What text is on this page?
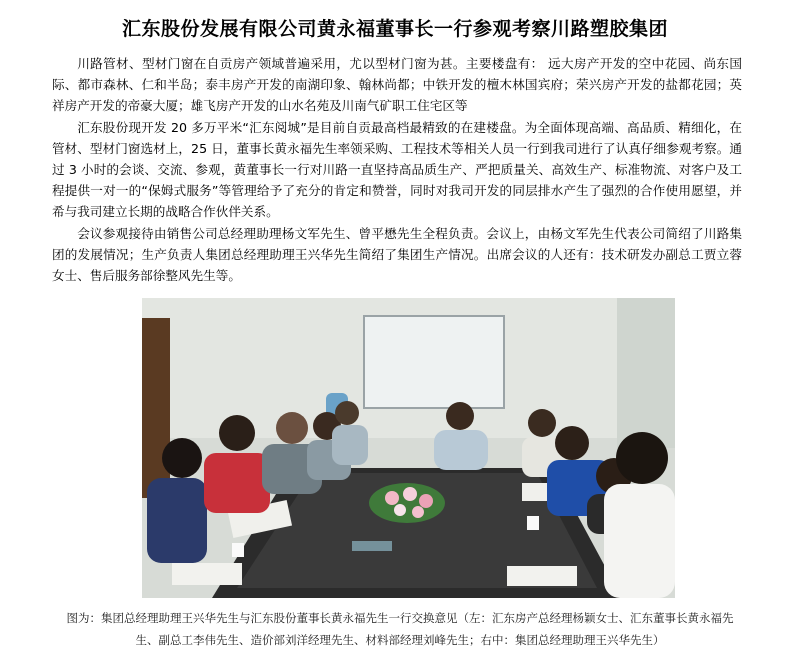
汇东股份发展有限公司黄永福董事长一行参观考察川路塑胶集团

川路管材、型材门窗在自贡房产领域普遍采用，尤以型材门窗为甚。主要楼盘有： 远大房产开发的空中花园、尚东国际、都市森林、仁和半岛；泰丰房产开发的南湖印象、翰林尚都；中铁开发的檀木林国宾府；荣兴房产开发的盐都花园；英祥房产开发的帝豪大厦；雄飞房产开发的山水名苑及川南气矿职工住宅区等

汇东股份现开发 20 多万平米“汇东阅城”是目前自贡最高档最精致的在建楼盘。为全面体现高端、高品质、精细化，在管材、型材门窗选材上，25 日，董事长黄永福先生率领采购、工程技术等相关人员一行到我司进行了认真仔细参观考察。通过 3 小时的会谈、交流、参观，黄董事长一行对川路一直坚持高品质生产、严把质量关、高效生产、标准物流、对客户及工程提供一对一的“保姆式服务”等管理给予了充分的肯定和赞誉，同时对我司开发的同层排水产生了强烈的合作使用愿望，并希与我司建立长期的战略合作伙伴关系。

会议参观接待由销售公司总经理助理杨文军先生、曾平懋先生全程负责。会议上，由杨文军先生代表公司简绍了川路集团的发展情况；生产负责人集团总经理助理王兴华先生简绍了集团生产情况。出席会议的人还有：技术研发办副总工贾立蓉女士、售后服务部徐整风先生等。

图为：集团总经理助理王兴华先生与汇东股份董事长黄永福先生一行交换意见（左：汇东房产总经理杨颖女士、汇东董事长黄永福先生、副总工李伟先生、造价部刘洋经理先生、材料部经理刘峰先生；右中：集团总经理助理王兴华先生）
